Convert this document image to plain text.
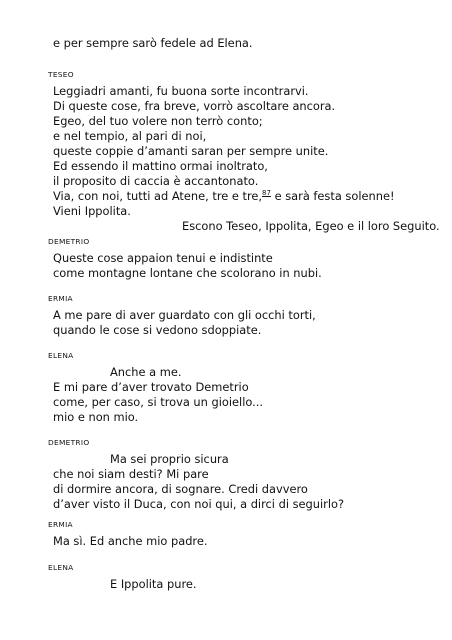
e per sempre sarò fedele ad Elena.
TESEO
Leggiadri amanti, fu buona sorte incontrarvi.
Di queste cose, fra breve, vorrò ascoltare ancora.
Egeo, del tuo volere non terrò conto;
e nel tempio, al pari di noi,
queste coppie d’amanti saran per sempre unite.
Ed essendo il mattino ormai inoltrato,
il proposito di caccia è accantonato.
Via, con noi, tutti ad Atene, tre e tre,$^{87}$ e sarà festa solenne!
Vieni Ippolita.
Escono Teseo, Ippolita, Egeo e il loro Seguito.
DEMETRIO
Queste cose appaion tenui e indistinte
come montagne lontane che scolorano in nubi.
ERMIA
A me pare di aver guardato con gli occhi torti,
quando le cose si vedono sdoppiate.
ELENA
Anche a me.
E mi pare d’aver trovato Demetrio
come, per caso, si trova un gioiello...
mio e non mio.
DEMETRIO
Ma sei proprio sicura
che noi siam desti? Mi pare
di dormire ancora, di sognare. Credi davvero
d’aver visto il Duca, con noi qui, a dirci di seguirlo?
ERMIA
Ma sì. Ed anche mio padre.
ELENA
E Ippolita pure.
